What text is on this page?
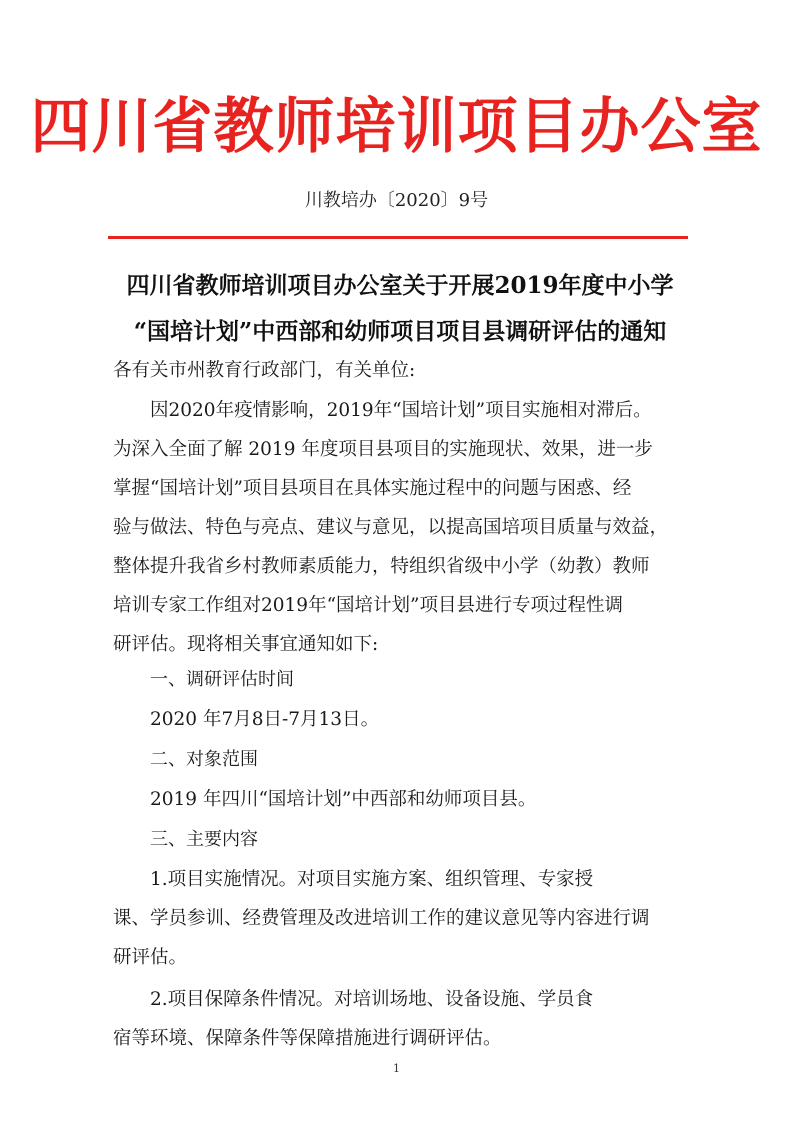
四川省教师培训项目办公室
川教培办〔2020〕9号
四川省教师培训项目办公室关于开展2019年度中小学
“国培计划”中西部和幼师项目项目县调研评估的通知
各有关市州教育行政部门，有关单位:
因2020年疫情影响，2019年“国培计划”项目实施相对滞后。
为深入全面了解 2019 年度项目县项目的实施现状、效果，进一步
掌握“国培计划”项目县项目在具体实施过程中的问题与困惑、经
验与做法、特色与亮点、建议与意见，以提高国培项目质量与效益，
整体提升我省乡村教师素质能力，特组织省级中小学（幼教）教师
培训专家工作组对2019年“国培计划”项目县进行专项过程性调
研评估。现将相关事宜通知如下:
一、调研评估时间
2020 年7月8日-7月13日。
二、对象范围
2019 年四川“国培计划”中西部和幼师项目县。
三、主要内容
1.项目实施情况。对项目实施方案、组织管理、专家授
课、学员参训、经费管理及改进培训工作的建议意见等内容进行调
研评估。
2.项目保障条件情况。对培训场地、设备设施、学员食
宿等环境、保障条件等保障措施进行调研评估。
1
